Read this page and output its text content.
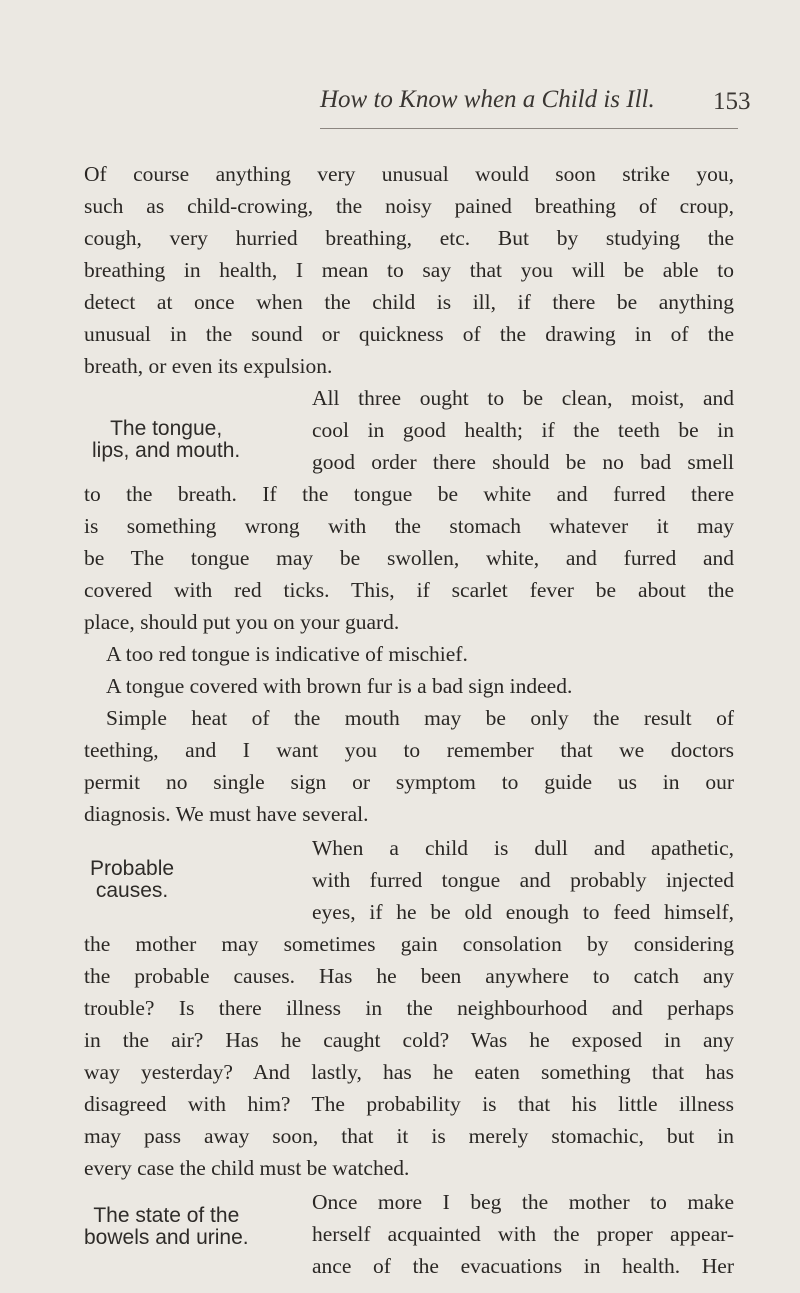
How to Know when a Child is Ill. 153
Of course anything very unusual would soon strike you,
such as child-crowing, the noisy pained breathing of croup,
cough, very hurried breathing, etc. But by studying the
breathing in health, I mean to say that you will be able to
detect at once when the child is ill, if there be anything
unusual in the sound or quickness of the drawing in of the
breath, or even its expulsion.
The tongue,
lips, and mouth.
All three ought to be clean, moist, and
cool in good health; if the teeth be in
good order there should be no bad smell
to the breath. If the tongue be white and furred there
is something wrong with the stomach whatever it may
be The tongue may be swollen, white, and furred and
covered with red ticks. This, if scarlet fever be about the
place, should put you on your guard.
A too red tongue is indicative of mischief.
A tongue covered with brown fur is a bad sign indeed.
Simple heat of the mouth may be only the result of
teething, and I want you to remember that we doctors
permit no single sign or symptom to guide us in our
diagnosis. We must have several.
Probable
causes.
When a child is dull and apathetic,
with furred tongue and probably injected
eyes, if he be old enough to feed himself,
the mother may sometimes gain consolation by considering
the probable causes. Has he been anywhere to catch any
trouble? Is there illness in the neighbourhood and perhaps
in the air? Has he caught cold? Was he exposed in any
way yesterday? And lastly, has he eaten something that has
disagreed with him? The probability is that his little illness
may pass away soon, that it is merely stomachic, but in
every case the child must be watched.
The state of the
bowels and urine.
Once more I beg the mother to make
herself acquainted with the proper appear-
ance of the evacuations in health. Her
